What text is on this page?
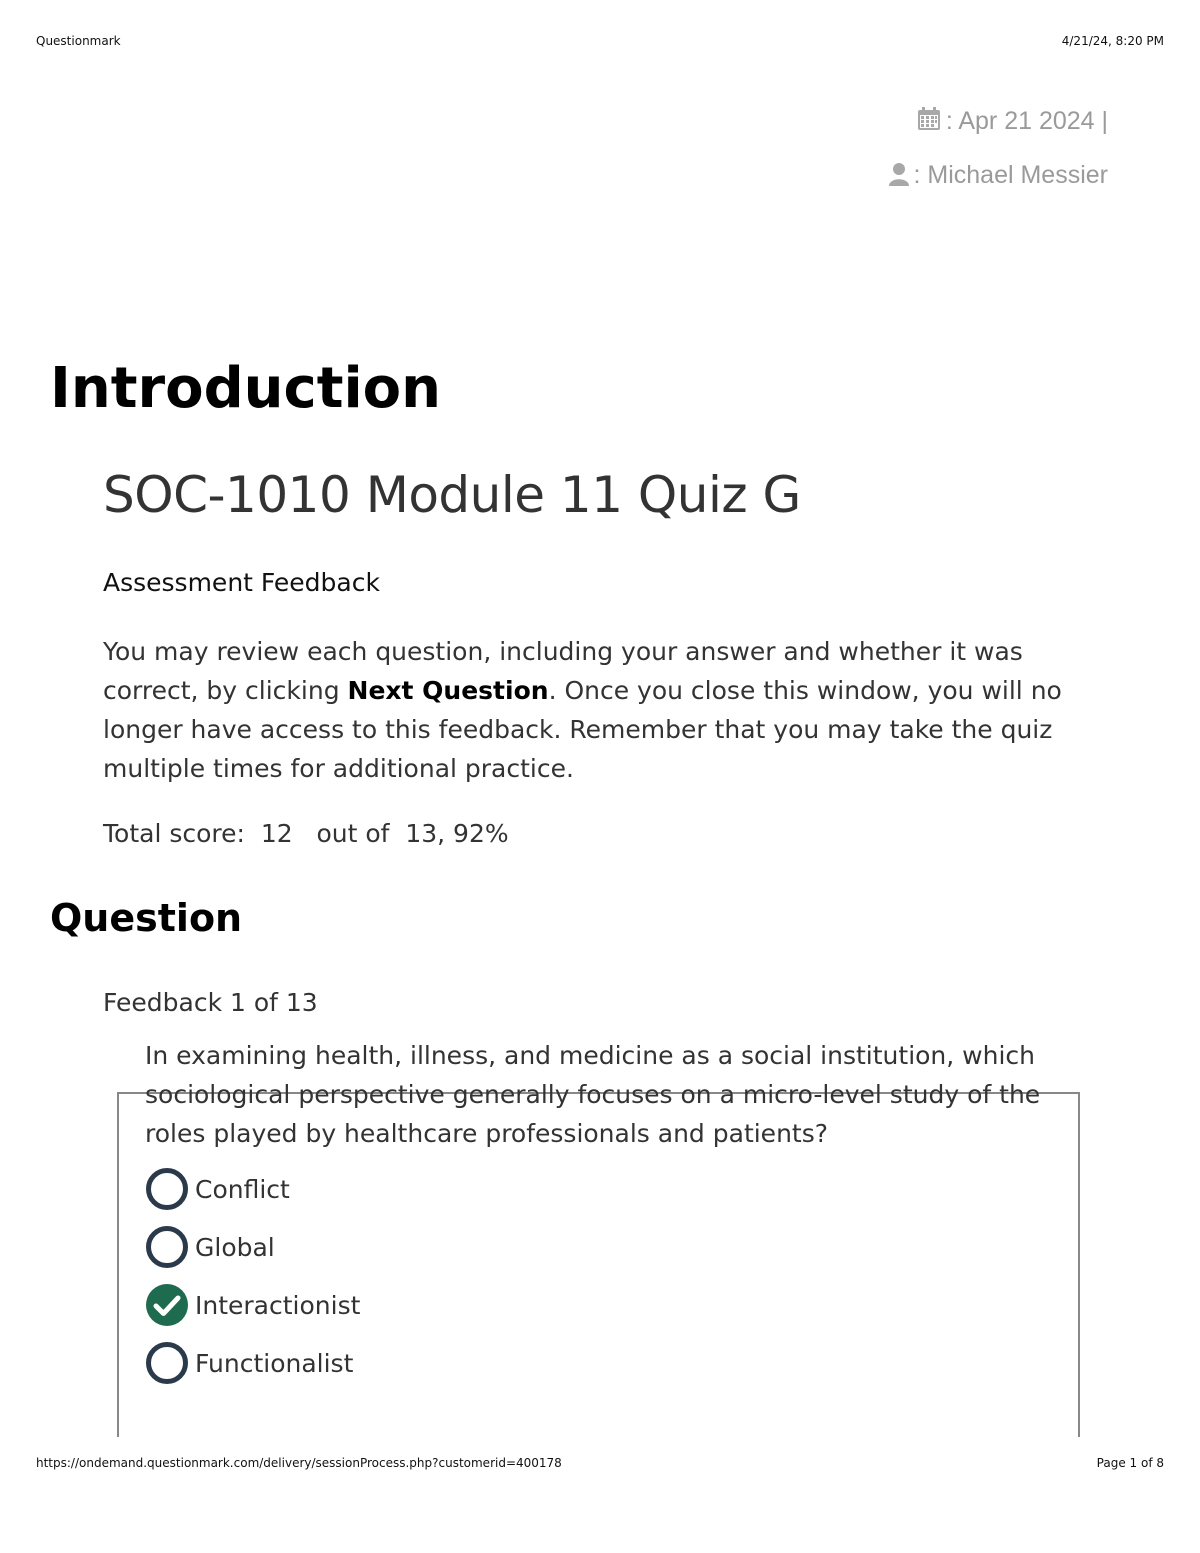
Questionmark	4/21/24, 8:20 PM
: Apr 21 2024 |
: Michael Messier
Introduction
SOC-1010 Module 11 Quiz G
Assessment Feedback
You may review each question, including your answer and whether it was correct, by clicking Next Question. Once you close this window, you will no longer have access to this feedback. Remember that you may take the quiz multiple times for additional practice.
Total score:  12   out of  13, 92%
Question
Feedback 1 of 13
In examining health, illness, and medicine as a social institution, which sociological perspective generally focuses on a micro-level study of the roles played by healthcare professionals and patients?
Conflict
Global
Interactionist
Functionalist
https://ondemand.questionmark.com/delivery/sessionProcess.php?customerid=400178	Page 1 of 8
